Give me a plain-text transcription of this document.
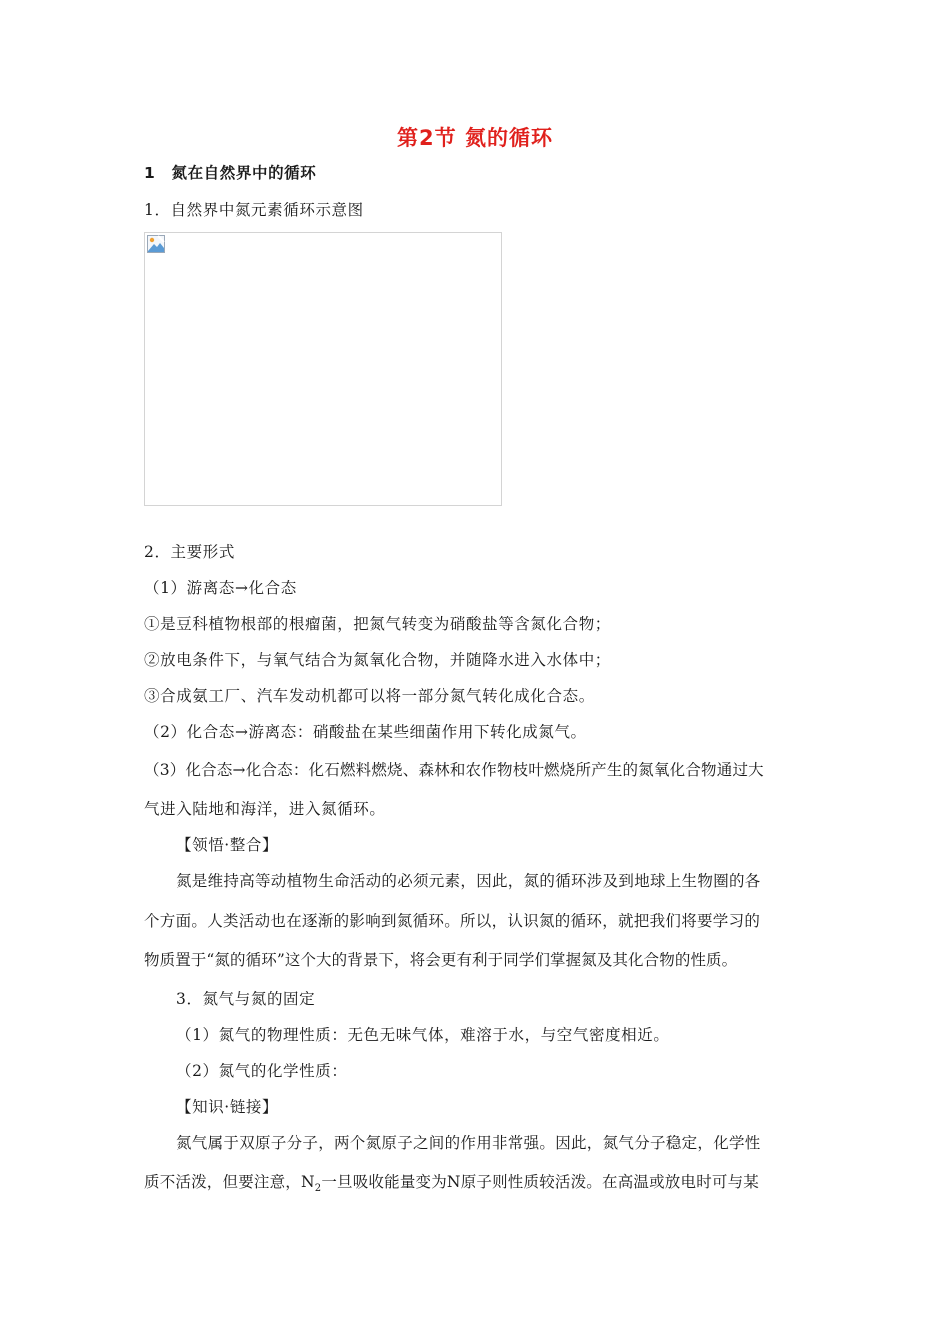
第2节 氮的循环
1　氮在自然界中的循环
1．自然界中氮元素循环示意图
2．主要形式
（1）游离态→化合态
①是豆科植物根部的根瘤菌，把氮气转变为硝酸盐等含氮化合物；
②放电条件下，与氧气结合为氮氧化合物，并随降水进入水体中；
③合成氨工厂、汽车发动机都可以将一部分氮气转化成化合态。
（2）化合态→游离态：硝酸盐在某些细菌作用下转化成氮气。
（3）化合态→化合态：化石燃料燃烧、森林和农作物枝叶燃烧所产生的氮氧化合物通过大
气进入陆地和海洋，进入氮循环。
【领悟·整合】
氮是维持高等动植物生命活动的必须元素，因此，氮的循环涉及到地球上生物圈的各
个方面。人类活动也在逐渐的影响到氮循环。所以，认识氮的循环，就把我们将要学习的
物质置于“氮的循环”这个大的背景下，将会更有利于同学们掌握氮及其化合物的性质。
3．氮气与氮的固定
（1）氮气的物理性质：无色无味气体，难溶于水，与空气密度相近。
（2）氮气的化学性质：
【知识·链接】
氮气属于双原子分子，两个氮原子之间的作用非常强。因此，氮气分子稳定，化学性
质不活泼，但要注意，$N_2$一旦吸收能量变为N原子则性质较活泼。在高温或放电时可与某
